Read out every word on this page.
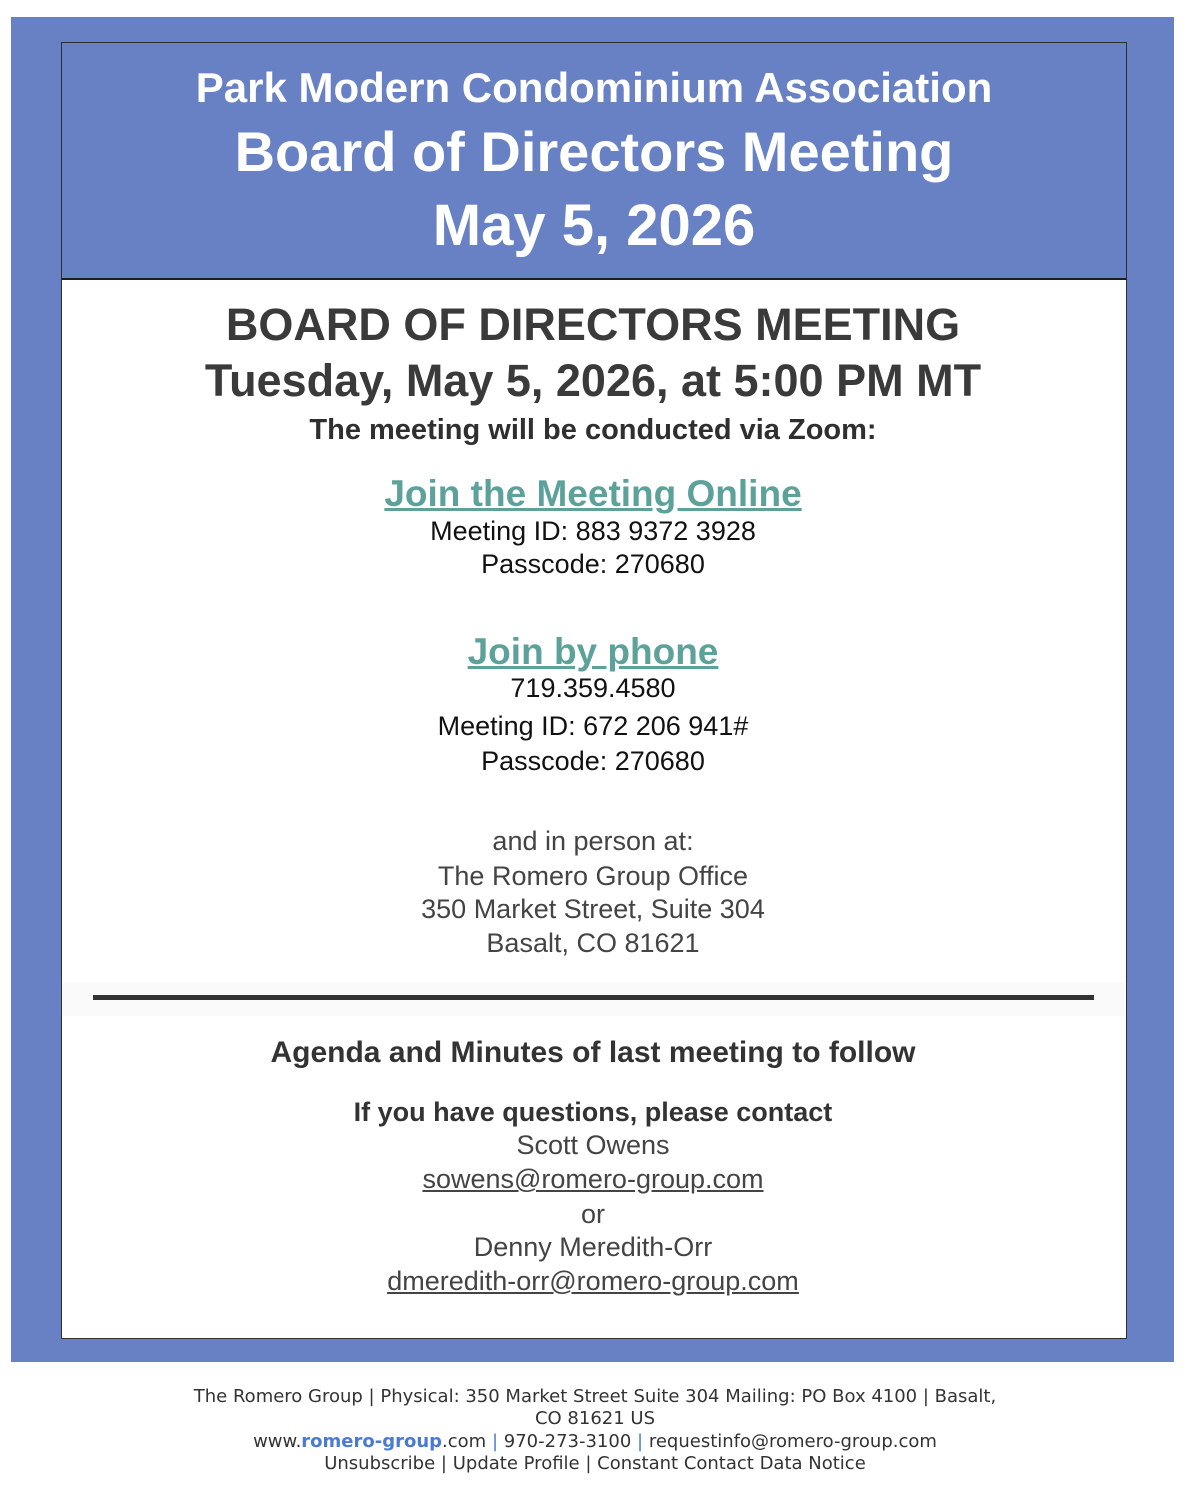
Park Modern Condominium Association
Board of Directors Meeting
May 5, 2026
BOARD OF DIRECTORS MEETING
Tuesday, May 5, 2026, at 5:00 PM MT
The meeting will be conducted via Zoom:
Join the Meeting Online
Meeting ID: 883 9372 3928
Passcode: 270680
Join by phone
719.359.4580
Meeting ID: 672 206 941#
Passcode: 270680
and in person at:
The Romero Group Office
350 Market Street, Suite 304
Basalt, CO 81621
Agenda and Minutes of last meeting to follow
If you have questions, please contact
Scott Owens
sowens@romero-group.com
or
Denny Meredith-Orr
dmeredith-orr@romero-group.com
The Romero Group | Physical: 350 Market Street Suite 304 Mailing: PO Box 4100 | Basalt,
CO 81621 US
www.romero-group.com | 970-273-3100 | requestinfo@romero-group.com
Unsubscribe | Update Profile | Constant Contact Data Notice
